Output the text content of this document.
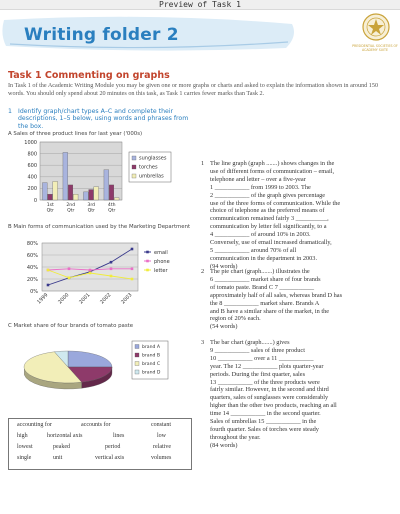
Preview of Task 1
Writing folder 2
PRESIDENTIAL SOCIETIES OF
ACADEMY SUITE
Task 1 Commenting on graphs
In Task 1 of the Academic Writing Module you may be given one or more graphs or charts and asked to explain the information shown in around 150 words. You should only spend about 20 minutes on this task, as Task 1 carries fewer marks than Task 2.
1 Identify graph/chart types A–C and complete their descriptions, 1–5 below, using words and phrases from the box.
A Sales of three product lines for last year ('000s)
B Main forms of communication used by the Marketing Department
C Market share of four brands of tomato paste
0
200
400
600
800
1000
1st
Qtr
2nd
Qtr
3rd
Qtr
4th
Qtr
sunglasses
torches
umbrellas
0%
20%
40%
60%
80%
1999 2000 2001 2002 2003
email
phone
letter
brand A
brand B
brand C
brand D
accounting for	accounts for	constant
high	horizontal axis	lines	low
lowest	peaked	period	relative
single	unit	vertical axis	volumes
1 The line graph (graph .......) shows changes in the
use of different forms of communication – email,
telephone and letter – over a five-year
1 ___________ from 1999 to 2003. The
2 ___________ of the graph gives percentage
use of the three forms of communication. While the
choice of telephone as the preferred means of
communication remained fairly 3 __________,
communication by letter fell significantly, to a
4 ___________ of around 10% in 2003.
Conversely, use of email increased dramatically,
5 ___________ around 70% of all
communication in the department in 2003.
(94 words)
2 The pie chart (graph.......) illustrates the
6 ___________ market share of four brands
of tomato paste. Brand C 7 ___________
approximately half of all sales, whereas brand D has
the 8 ___________ market share. Brands A
and B have a similar share of the market, in the
region of 20% each.
(54 words)
3 The bar chart (graph.......) gives
9 ___________ sales of three product
10 ___________ over a 11 ___________
year. The 12 ___________ plots quarter-year
periods. During the first quarter, sales
13 ___________ of the three products were
fairly similar. However, in the second and third
quarters, sales of sunglasses were considerably
higher than the other two products, reaching an all
time 14 ___________ in the second quarter.
Sales of umbrellas 15 ___________ in the
fourth quarter. Sales of torches were steady
throughout the year.
(84 words)
